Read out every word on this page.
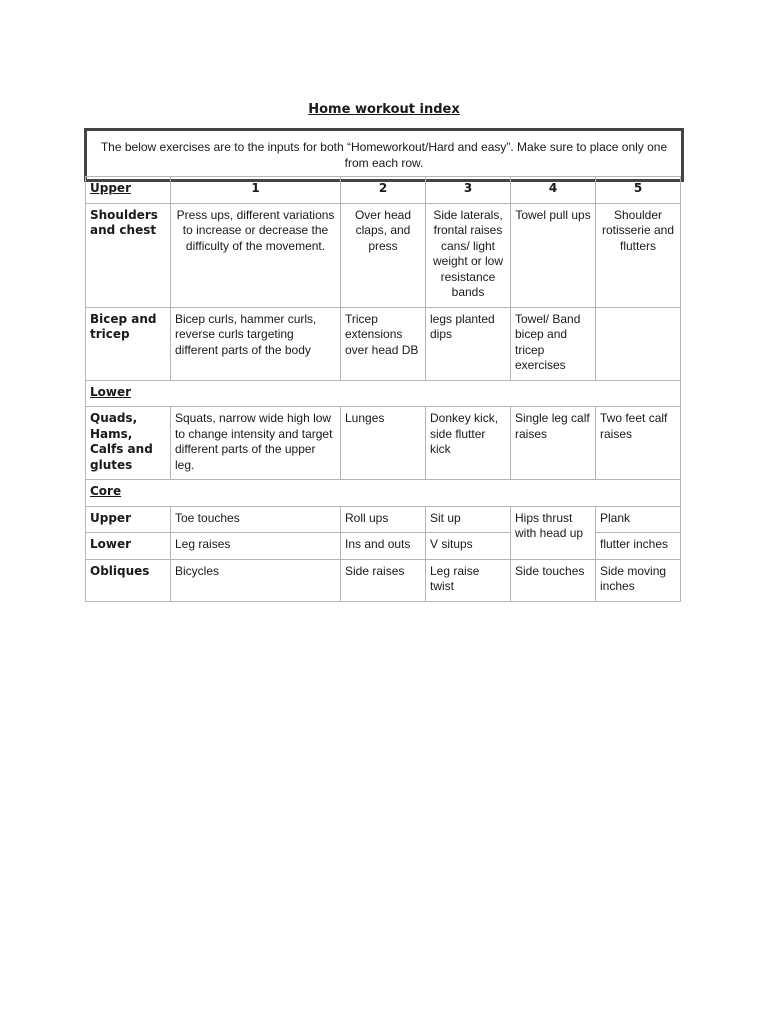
Home workout index
The below exercises are to the inputs for both “Homeworkout/Hard and easy”. Make sure to place only one from each row.
Upper	1	2	3	4	5
Shoulders and chest	Press ups, different variations to increase or decrease the difficulty of the movement.	Over head claps, and press	Side laterals, frontal raises cans/ light weight or low resistance bands	Towel pull ups	Shoulder rotisserie and flutters
Bicep and tricep	Bicep curls, hammer curls, reverse curls targeting different parts of the body	Tricep extensions over head DB	legs planted dips	Towel/ Band bicep and tricep exercises	
Lower					
Quads, Hams, Calfs and glutes	Squats, narrow wide high low to change intensity and target different parts of the upper leg.	Lunges	Donkey kick, side flutter kick	Single leg calf raises	Two feet calf raises
Core					
Upper	Toe touches	Roll ups	Sit up	Hips thrust with head up	Plank
Lower	Leg raises	Ins and outs	V situps		flutter inches
Obliques	Bicycles	Side raises	Leg raise twist	Side touches	Side moving inches
